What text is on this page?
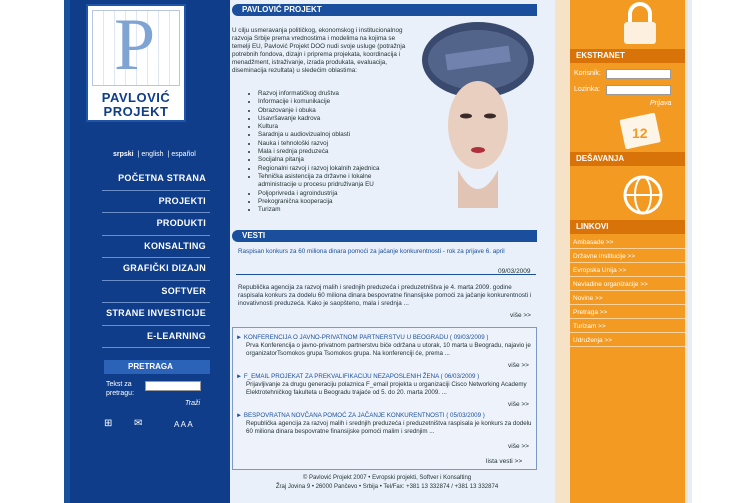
P
PAVLOVIĆ
PROJEKT
srpski | english | español
POČETNA STRANA
PROJEKTI
PRODUKTI
KONSALTING
GRAFIČKI DIZAJN
SOFTVER
STRANE INVESTICIJE
E-LEARNING
PRETRAGA
Tekst za pretragu:
Traži
⊞ ✉	A A A
PAVLOVIĆ PROJEKT
U cilju usmeravanja političkog, ekonomskog i institucionalnog razvoja Srbije prema vrednostima i modelima na kojima se temelji EU, Pavlović Projekt DOO nudi svoje usluge (potražnja potrebnih fondova, dizajn i priprema projekata, koordinacija i menadžment, istraživanje, izrada produkata, evaluacija, diseminacija rezultata) u sledećim oblastima:
• Razvoj informatičkog društva
• Informacije i komunikacije
• Obrazovanje i obuka
• Usavršavanje kadrova
• Kultura
• Saradnja u audiovizualnoj oblasti
• Nauka i tehnološki razvoj
• Mala i srednja preduzeća
• Socijalna pitanja
• Regionalni razvoj i razvoj lokalnih zajednica
• Tehnička asistencija za državne i lokalne administracije u procesu pridruživanja EU
• Poljoprivreda i agroindustrija
• Prekogranična kooperacija
• Turizam
VESTI
Raspisan konkurs za 60 miliona dinara pomoći za jačanje konkurentnosti - rok za prijave 6. april
09/03/2009
Republička agencija za razvoj malih i srednjih preduzeća i preduzetništva je 4. marta 2009. godine raspisala konkurs za dodelu 60 miliona dinara bespovratne finansijske pomoći za jačanje konkurentnosti i inovativnosti preduzeća. Kako je saopšteno, mala i srednja ...
više >>
► KONFERENCIJA O JAVNO-PRIVATNOM PARTNERSTVU U BEOGRADU ( 09/03/2009 )

Prva Konferencija o javno-privatnom partnerstvu biće održana u utorak, 10 marta u Beogradu, najavio je organizatorTsomokos grupa Tsomokos grupa. Na konferenciji će, prema ...
više >>
► F_EMAIL PROJEKAT ZA PREKVALIFIKACIJU NEZAPOSLENIH ŽENA ( 06/03/2009 )

Prijavljivanje za drugu generaciju polaznica F_email projekta u organizaciji Cisco Networking Academy Elektrotehničkog fakulteta u Beogradu trajaće od 5. do 20. marta 2009. ...
više >>
► BESPOVRATNA NOVČANA POMOĆ ZA JAČANJE KONKURENTNOSTI ( 05/03/2009 )

Republička agencija za razvoj malih i srednjih preduzeća i preduzetništva raspisala je konkurs za dodelu 60 miliona dinara bespovratne finansijske pomoći malim i srednjim ...
više >>
lista vesti >>
© Pavlović Projekt 2007 • Evropski projekti, Softver i Konsalting
Žraj Jovina 9 • 26000 Pančevo • Srbija • Tel/Fax: +381 13 332874 / +381 13 332874
EKSTRANET
Korisnik:
Lozinka:
Prijava
12
DEŠAVANJA
LINKOVI
Ambasade >>
Državne institucije >>
Evropska Unija >>
Nevladine organizacije >>
Novine >>
Pretraga >>
Turizam >>
Udruženja >>
